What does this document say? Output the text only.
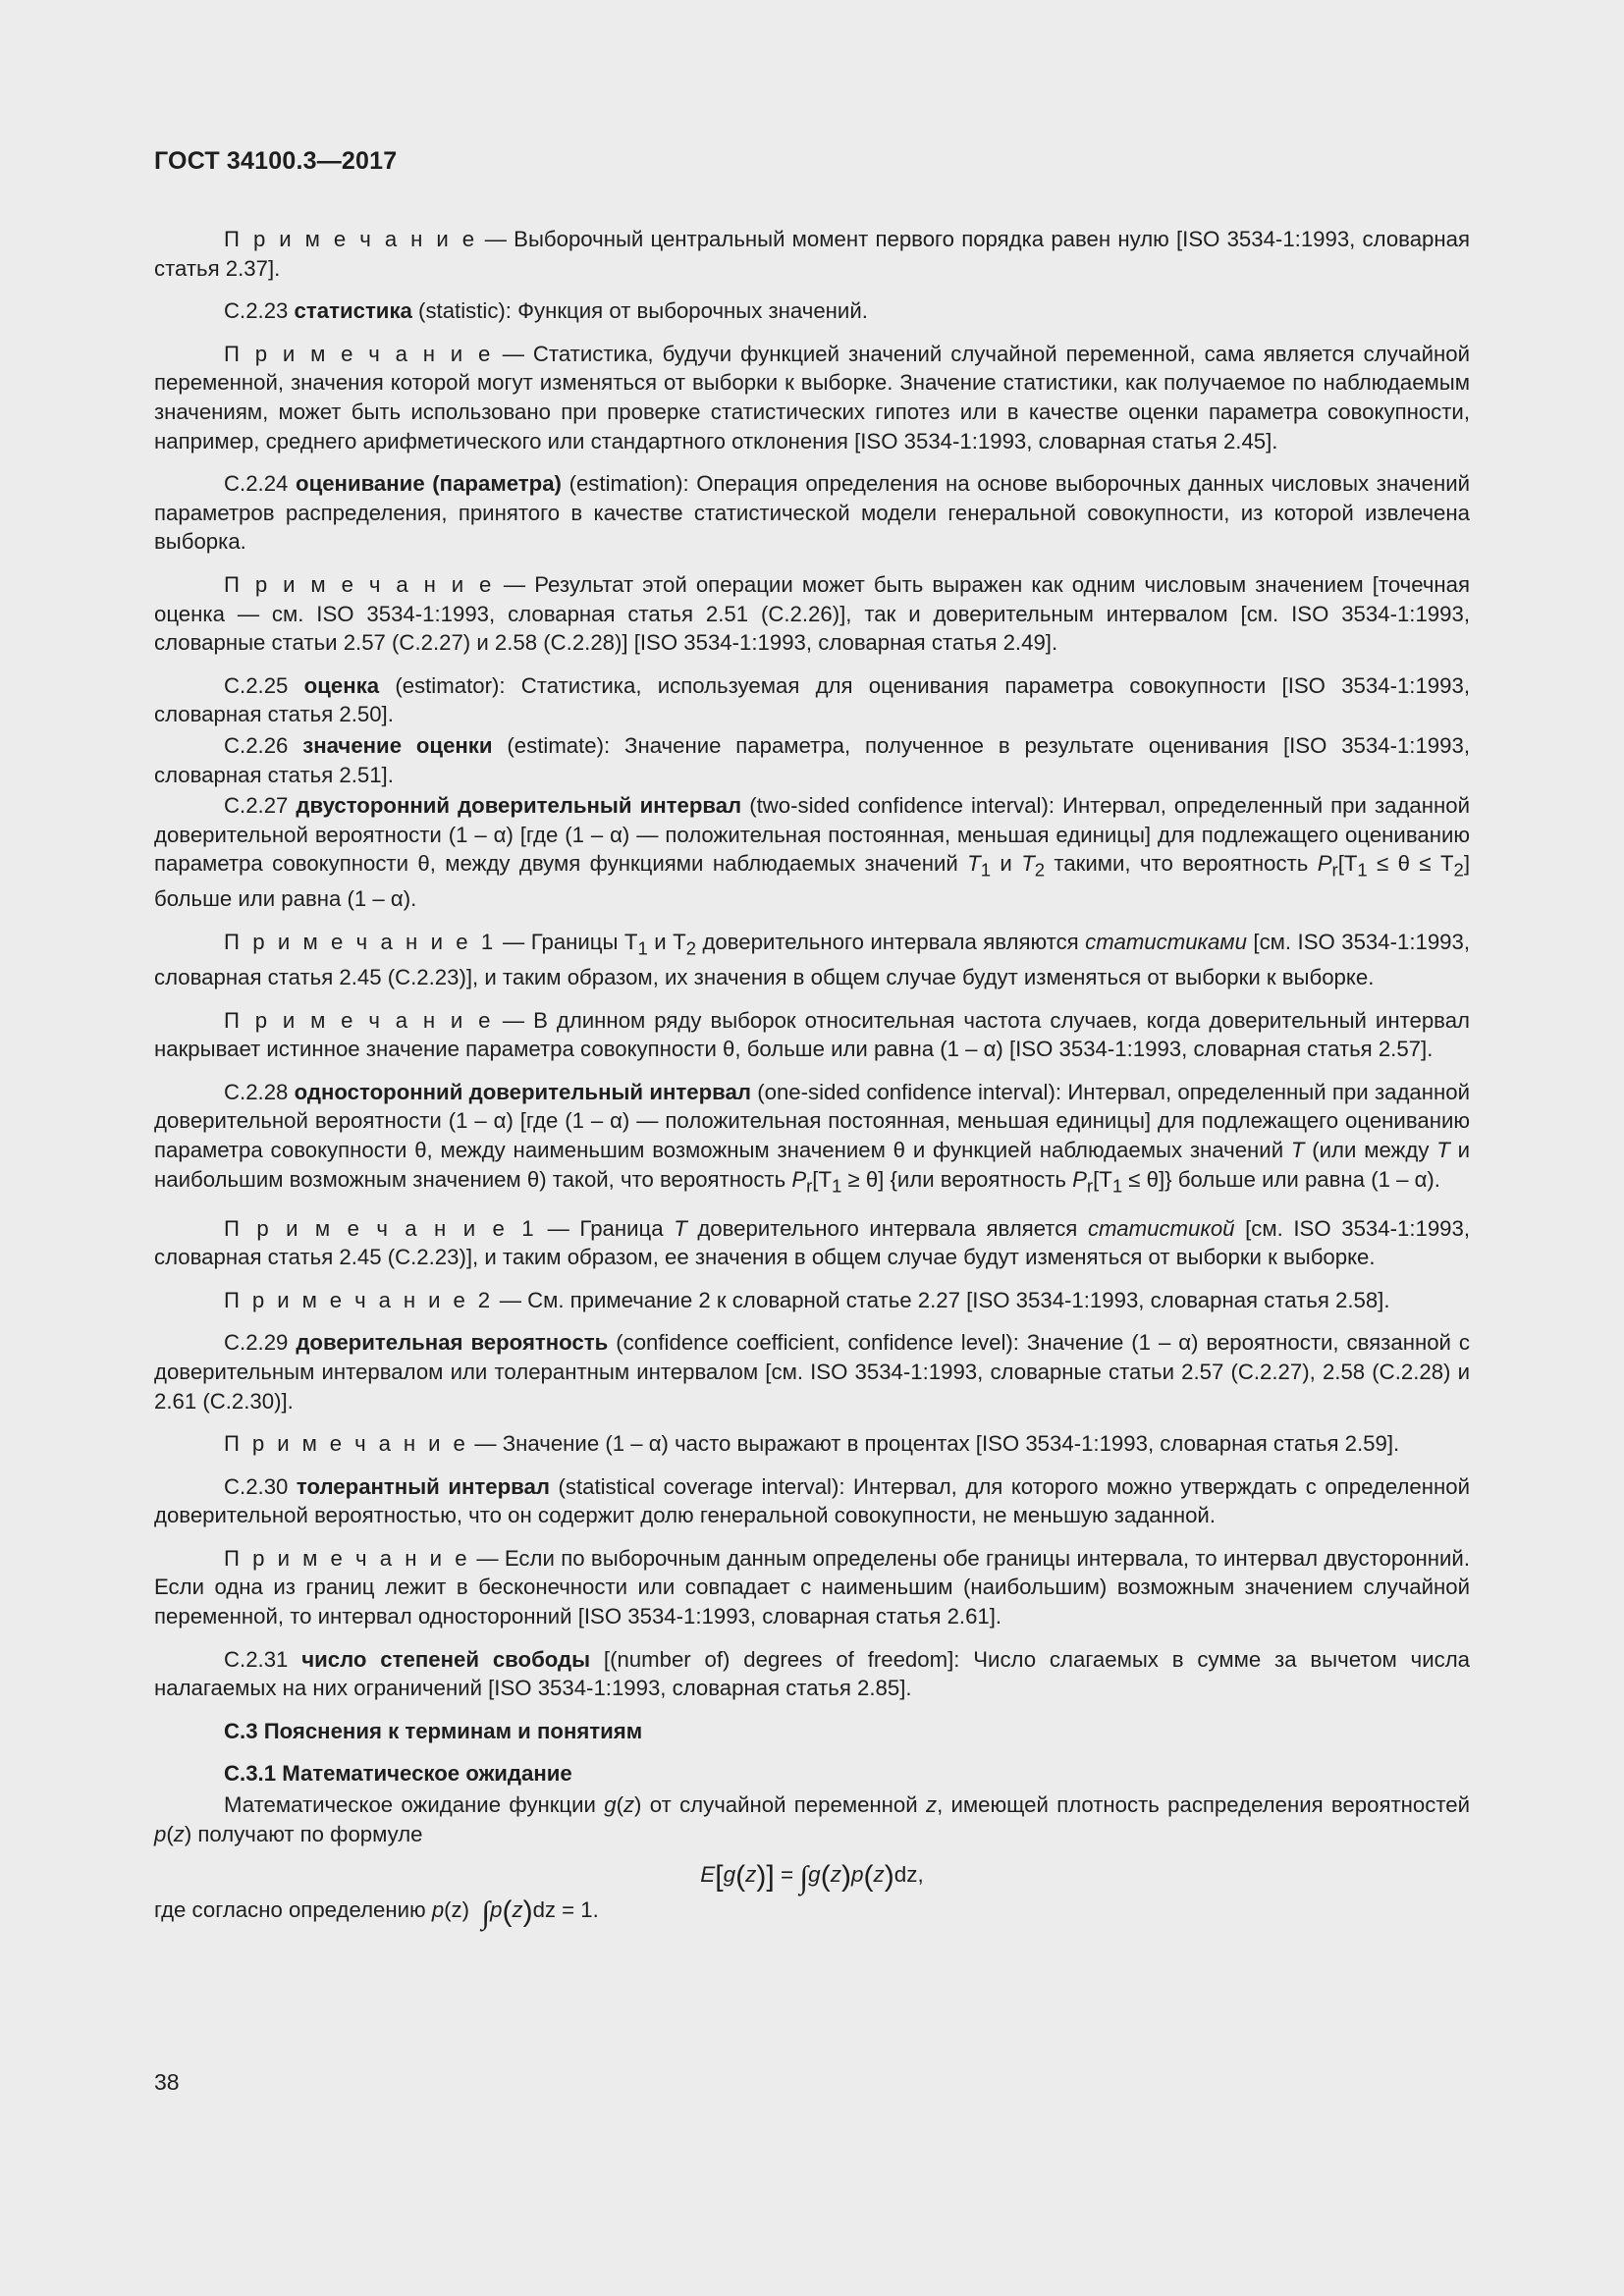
ГОСТ 34100.3—2017

П р и м е ч а н и е — Выборочный центральный момент первого порядка равен нулю [ISO 3534-1:1993, словарная статья 2.37].

С.2.23 статистика (statistic): Функция от выборочных значений.

П р и м е ч а н и е — Статистика, будучи функцией значений случайной переменной, сама является случайной переменной, значения которой могут изменяться от выборки к выборке. Значение статистики, как получаемое по наблюдаемым значениям, может быть использовано при проверке статистических гипотез или в качестве оценки параметра совокупности, например, среднего арифметического или стандартного отклонения [ISO 3534-1:1993, словарная статья 2.45].

С.2.24 оценивание (параметра) (estimation): Операция определения на основе выборочных данных числовых значений параметров распределения, принятого в качестве статистической модели генеральной совокупности, из которой извлечена выборка.

П р и м е ч а н и е — Результат этой операции может быть выражен как одним числовым значением [точечная оценка — см. ISO 3534-1:1993, словарная статья 2.51 (С.2.26)], так и доверительным интервалом [см. ISO 3534-1:1993, словарные статьи 2.57 (С.2.27) и 2.58 (С.2.28)] [ISO 3534-1:1993, словарная статья 2.49].

С.2.25 оценка (estimator): Статистика, используемая для оценивания параметра совокупности [ISO 3534-1:1993, словарная статья 2.50].

С.2.26 значение оценки (estimate): Значение параметра, полученное в результате оценивания [ISO 3534-1:1993, словарная статья 2.51].

С.2.27 двусторонний доверительный интервал (two-sided confidence interval): Интервал, определенный при заданной доверительной вероятности (1 – α) [где (1 – α) — положительная постоянная, меньшая единицы] для подлежащего оцениванию параметра совокупности θ, между двумя функциями наблюдаемых значений $T_1$ и $T_2$ такими, что вероятность $P_r[T_1 \le \theta \le T_2]$ больше или равна (1 – α).

П р и м е ч а н и е 1 — Границы $Т_1$ и $Т_2$ доверительного интервала являются статистиками [см. ISO 3534-1:1993, словарная статья 2.45 (С.2.23)], и таким образом, их значения в общем случае будут изменяться от выборки к выборке.

П р и м е ч а н и е — В длинном ряду выборок относительная частота случаев, когда доверительный интервал накрывает истинное значение параметра совокупности θ, больше или равна (1 – α) [ISO 3534-1:1993, словарная статья 2.57].

С.2.28 односторонний доверительный интервал (one-sided confidence interval): Интервал, определенный при заданной доверительной вероятности (1 – α) [где (1 – α) — положительная постоянная, меньшая единицы] для подлежащего оцениванию параметра совокупности θ, между наименьшим возможным значением θ и функцией наблюдаемых значений T (или между T и наибольшим возможным значением θ) такой, что вероятность $P_r[T_1 \ge \theta]$ {или вероятность $P_r[T_1 \le \theta]$} больше или равна (1 – α).

П р и м е ч а н и е 1 — Граница T доверительного интервала является статистикой [см. ISO 3534-1:1993, словарная статья 2.45 (С.2.23)], и таким образом, ее значения в общем случае будут изменяться от выборки к выборке.

П р и м е ч а н и е 2 — См. примечание 2 к словарной статье 2.27 [ISO 3534-1:1993, словарная статья 2.58].

С.2.29 доверительная вероятность (confidence coefficient, confidence level): Значение (1 – α) вероятности, связанной с доверительным интервалом или толерантным интервалом [см. ISO 3534-1:1993, словарные статьи 2.57 (С.2.27), 2.58 (С.2.28) и 2.61 (С.2.30)].

П р и м е ч а н и е — Значение (1 – α) часто выражают в процентах [ISO 3534-1:1993, словарная статья 2.59].

С.2.30 толерантный интервал (statistical coverage interval): Интервал, для которого можно утверждать с определенной доверительной вероятностью, что он содержит долю генеральной совокупности, не меньшую заданной.

П р и м е ч а н и е — Если по выборочным данным определены обе границы интервала, то интервал двусторонний. Если одна из границ лежит в бесконечности или совпадает с наименьшим (наибольшим) возможным значением случайной переменной, то интервал односторонний [ISO 3534-1:1993, словарная статья 2.61].

С.2.31 число степеней свободы [(number of) degrees of freedom]: Число слагаемых в сумме за вычетом числа налагаемых на них ограничений [ISO 3534-1:1993, словарная статья 2.85].

С.3 Пояснения к терминам и понятиям

С.3.1 Математическое ожидание

Математическое ожидание функции g(z) от случайной переменной z, имеющей плотность распределения вероятностей p(z) получают по формуле

E[g(z)] = ∫g(z)p(z)dz,

где согласно определению p(z) ∫p(z)dz = 1.

38
